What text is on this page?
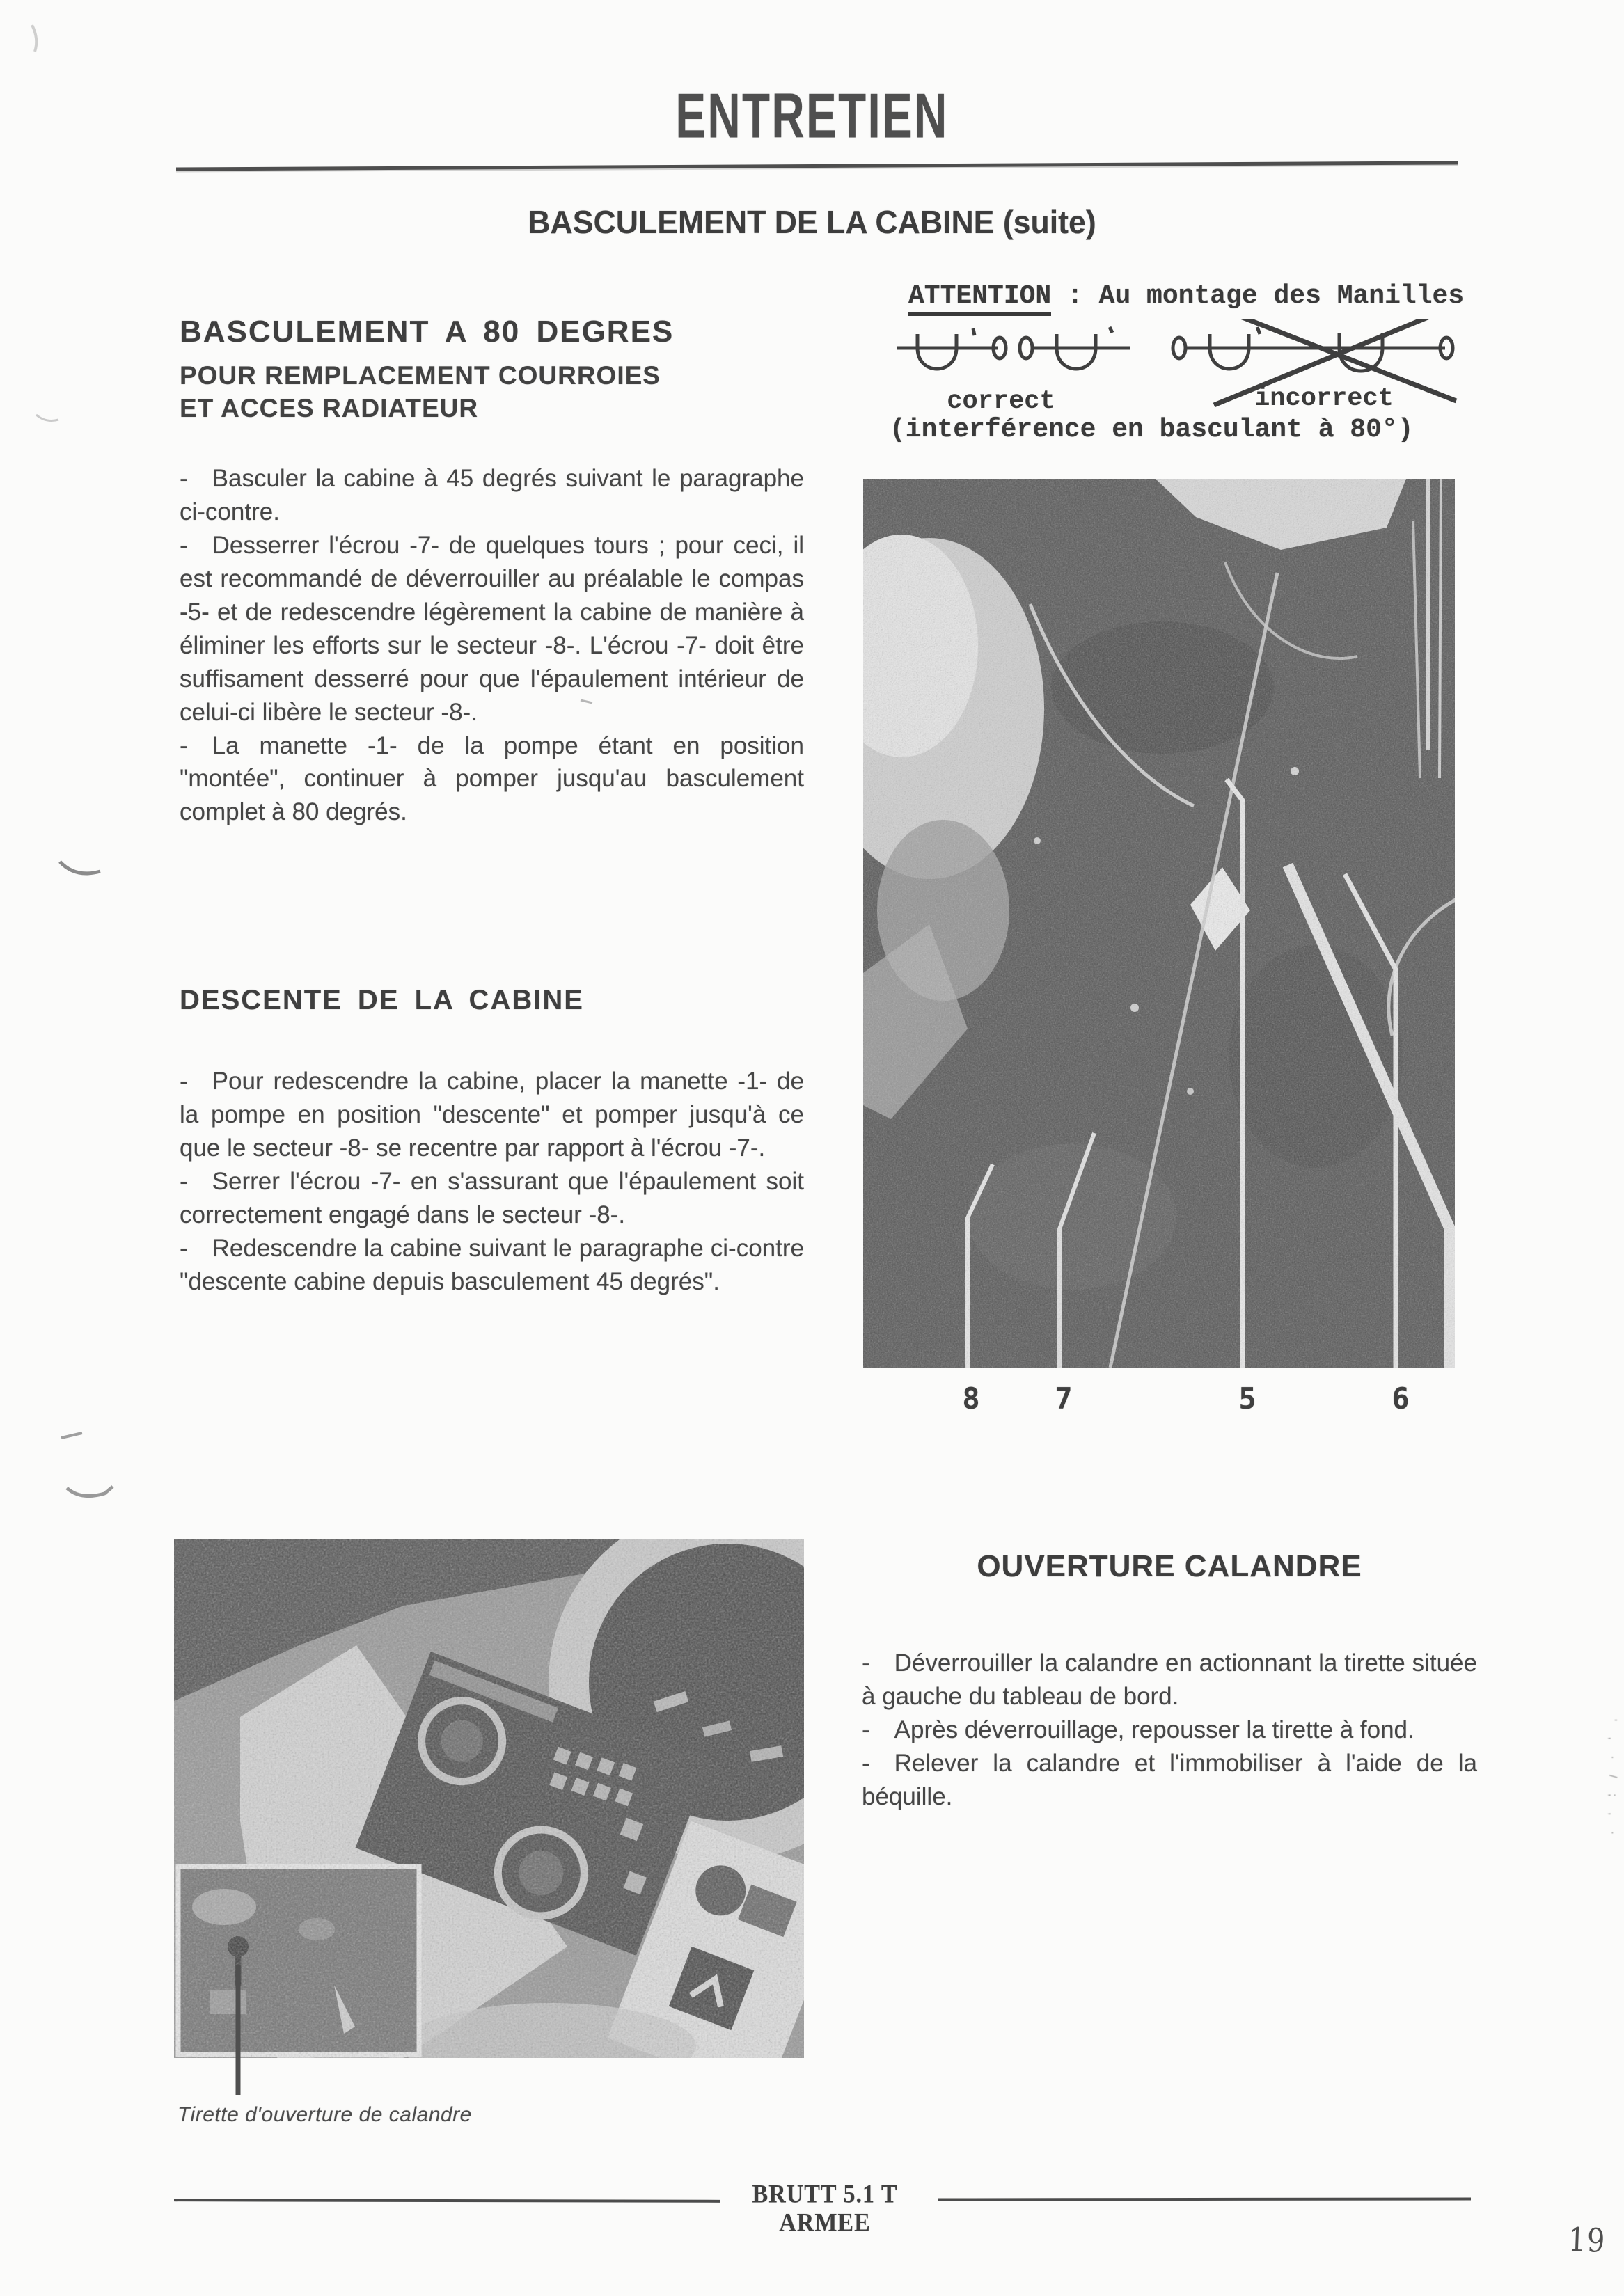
ENTRETIEN
BASCULEMENT DE LA CABINE (suite)
BASCULEMENT A 80 DEGRES
POUR REMPLACEMENT COURROIES
ET ACCES RADIATEUR

- Basculer la cabine à 45 degrés suivant le paragraphe ci-contre.

- Desserrer l'écrou -7- de quelques tours ; pour ceci, il est recommandé de déverrouiller au préalable le compas -5- et de redescendre légèrement la cabine de manière à éliminer les efforts sur le secteur -8-. L'écrou -7- doit être suffisament desserré pour que l'épaulement intérieur de celui-ci libère le secteur -8-.

- La manette -1- de la pompe étant en position "montée", continuer à pomper jusqu'au basculement complet à 80 degrés.

DESCENTE DE LA CABINE

- Pour redescendre la cabine, placer la manette -1- de la pompe en position "descente" et pomper jusqu'à ce que le secteur -8- se recentre par rapport à l'écrou -7-.

- Serrer l'écrou -7- en s'assurant que l'épaulement soit correctement engagé dans le secteur -8-.

- Redescendre la cabine suivant le paragraphe ci-contre "descente cabine depuis basculement 45 degrés".

ATTENTION : Au montage des Manilles
correct	incorrect
(interférence en basculant à 80°)
8	7	5	6
OUVERTURE CALANDRE

- Déverrouiller la calandre en actionnant la tirette située à gauche du tableau de bord.

- Après déverrouillage, repousser la tirette à fond.

- Relever la calandre et l'immobiliser à l'aide de la béquille.

Tirette d'ouverture de calandre
BRUTT 5.1 T ARMEE	19
' , · / ; , ·
